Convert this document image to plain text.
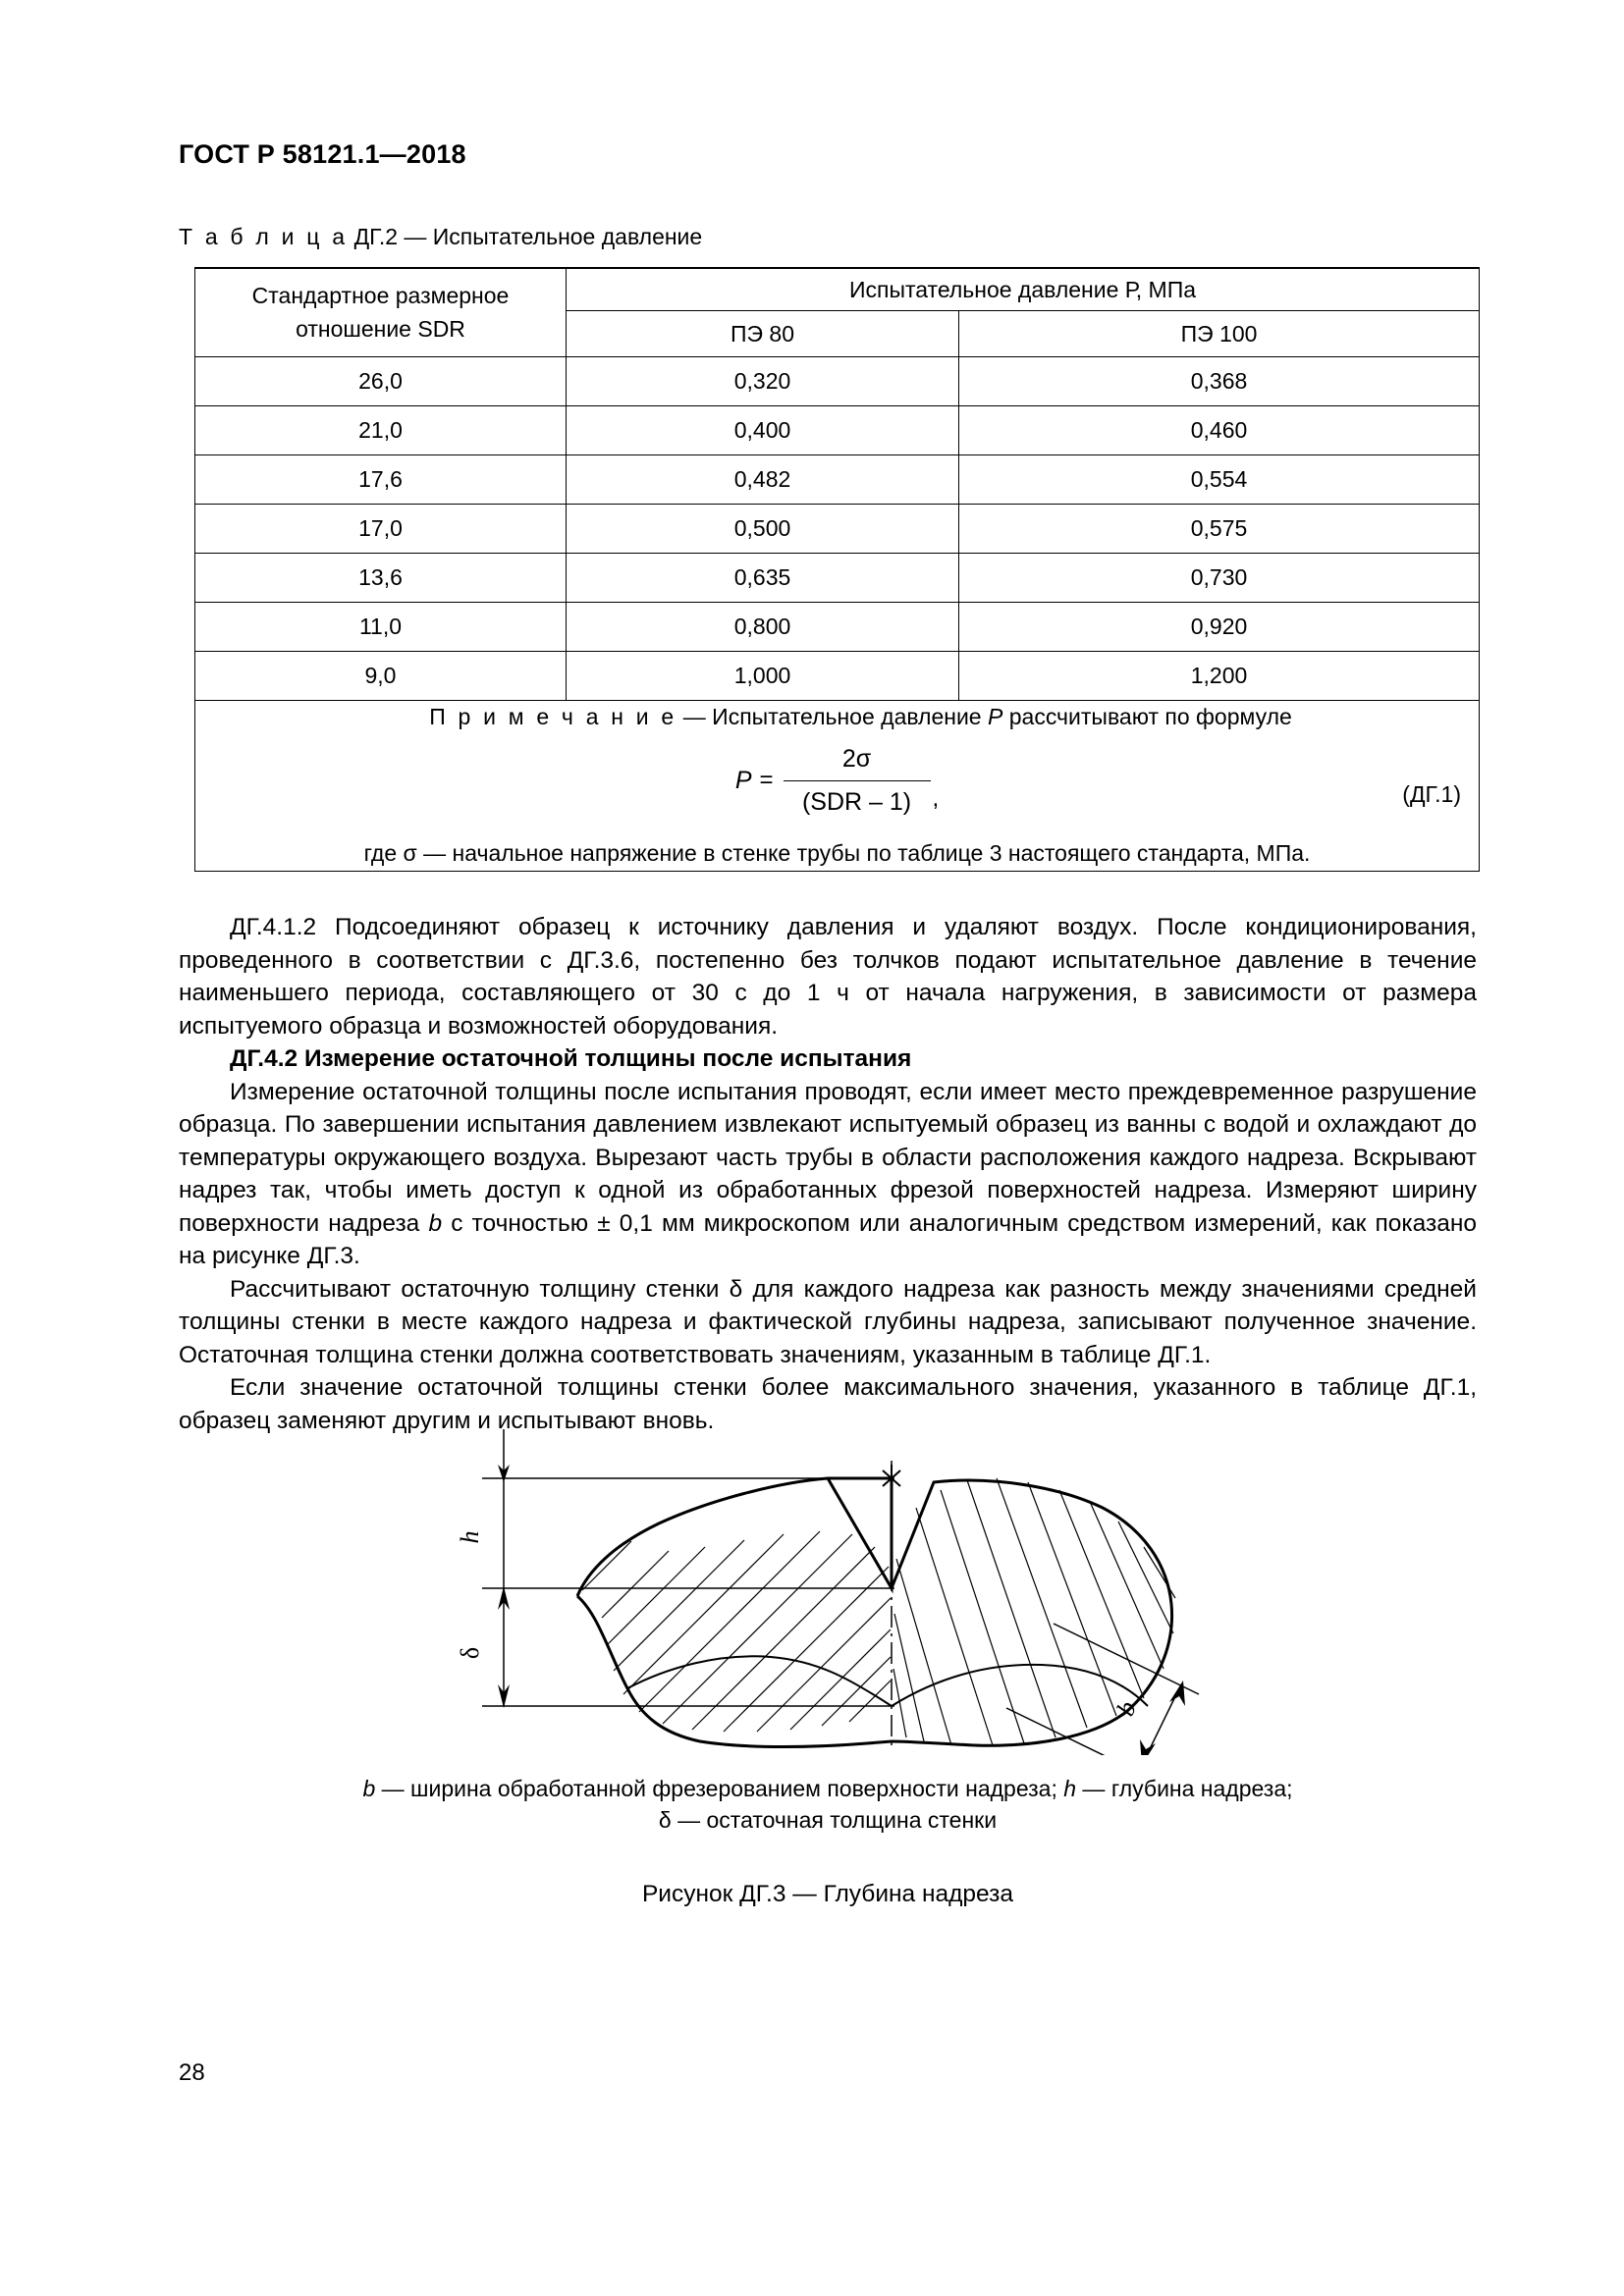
ГОСТ Р 58121.1—2018
Т а б л и ц а ДГ.2 — Испытательное давление
Стандартное размерное
отношение SDR	Испытательное давление Р, МПа	
	ПЭ 80	ПЭ 100
26,0	0,320	0,368
21,0	0,400	0,460
17,6	0,482	0,554
17,0	0,500	0,575
13,6	0,635	0,730
11,0	0,800	0,920
9,0	1,000	1,200

П р и м е ч а н и е — Испытательное давление P рассчитывают по формуле
$P = \frac{2\sigma}{\text{(SDR – 1)}}$ ,	(ДГ.1)
где σ — начальное напряжение в стенке трубы по таблице 3 настоящего стандарта, МПа.

ДГ.4.1.2 Подсоединяют образец к источнику давления и удаляют воздух. После кондиционирования, проведенного в соответствии с ДГ.3.6, постепенно без толчков подают испытательное давление в течение наименьшего периода, составляющего от 30 с до 1 ч от начала нагружения, в зависимости от размера испытуемого образца и возможностей оборудования.

ДГ.4.2 Измерение остаточной толщины после испытания

Измерение остаточной толщины после испытания проводят, если имеет место преждевременное разрушение образца. По завершении испытания давлением извлекают испытуемый образец из ванны с водой и охлаждают до температуры окружающего воздуха. Вырезают часть трубы в области расположения каждого надреза. Вскрывают надрез так, чтобы иметь доступ к одной из обработанных фрезой поверхностей надреза. Измеряют ширину поверхности надреза b с точностью ± 0,1 мм микроскопом или аналогичным средством измерений, как показано на рисунке ДГ.3.

Рассчитывают остаточную толщину стенки δ для каждого надреза как разность между значениями средней толщины стенки в месте каждого надреза и фактической глубины надреза, записывают полученное значение. Остаточная толщина стенки должна соответствовать значениям, указанным в таблице ДГ.1.

Если значение остаточной толщины стенки более максимального значения, указанного в таблице ДГ.1, образец заменяют другим и испытывают вновь.

h
δ
b
b — ширина обработанной фрезерованием поверхности надреза; h — глубина надреза;
δ — остаточная толщина стенки
Рисунок ДГ.3 — Глубина надреза
28
